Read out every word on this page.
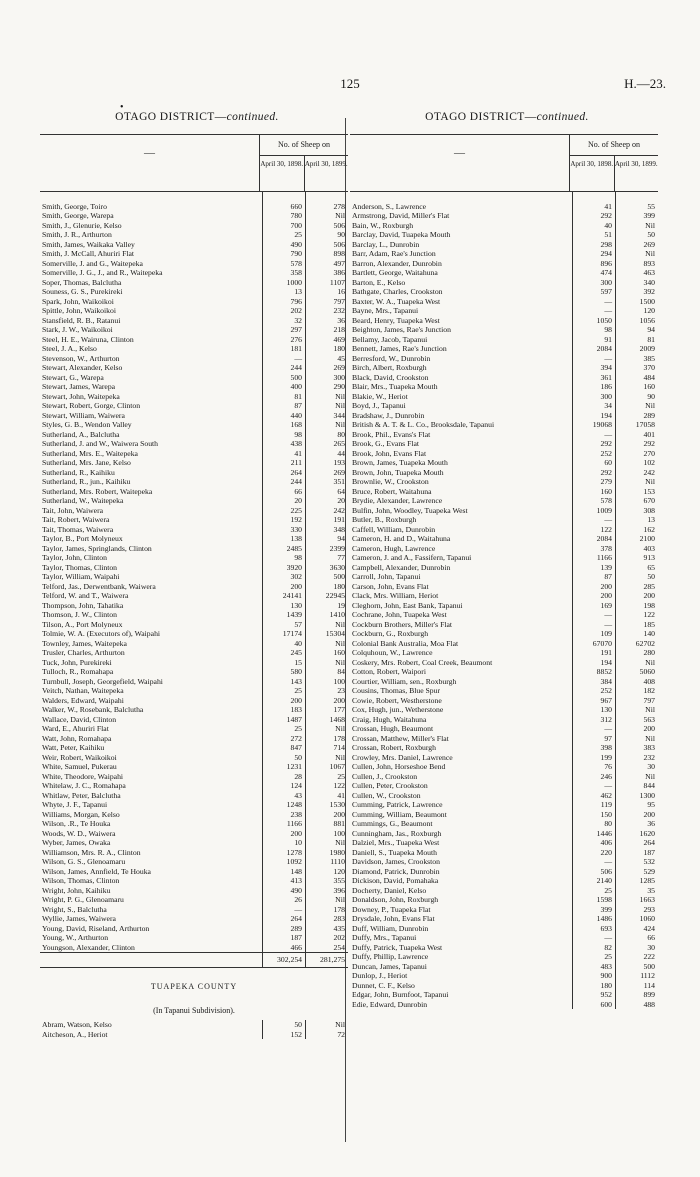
125	H.—23.
•
OTAGO DISTRICT—continued.
—
No. of Sheep on
April 30, 1898. April 30, 1899.
Smith, George, Toiro	660	278
Smith, George, Warepa	780	Nil
Smith, J., Glenurie, Kelso	700	506
Smith, J. R., Arthurton	25	90
Smith, James, Waikaka Valley	490	506
Smith, J. McCall, Ahuriri Flat	790	898
Somerville, J. and G., Waitepeka	578	497
Somerville, J. G., J., and R., Waitepeka	358	386
Soper, Thomas, Balclutha	1000	1107
Souness, G. S., Purekireki	13	16
Spark, John, Waikoikoi	796	797
Spittle, John, Waikoikoi	202	232
Stansfield, R. B., Ratanui	32	36
Stark, J. W., Waikoikoi	297	218
Steel, H. E., Wairuna, Clinton	276	469
Steel, J. A., Kelso	181	180
Stevenson, W., Arthurton	—	45
Stewart, Alexander, Kelso	244	269
Stewart, G., Warepa	500	300
Stewart, James, Warepa	400	290
Stewart, John, Waitepeka	81	Nil
Stewart, Robert, Gorge, Clinton	87	Nil
Stewart, William, Waiwera	440	344
Styles, G. B., Wendon Valley	168	Nil
Sutherland, A., Balclutha	98	80
Sutherland, J. and W., Waiwera South	438	265
Sutherland, Mrs. E., Waitepeka	41	44
Sutherland, Mrs. Jane, Kelso	211	193
Sutherland, R., Kaihiku	264	269
Sutherland, R., jun., Kaihiku	244	351
Sutherland, Mrs. Robert, Waitepeka	66	64
Sutherland, W., Waitepeka	20	20
Tait, John, Waiwera	225	242
Tait, Robert, Waiwera	192	191
Tait, Thomas, Waiwera	330	348
Taylor, B., Port Molyneux	138	94
Taylor, James, Springlands, Clinton	2485	2399
Taylor, John, Clinton	98	77
Taylor, Thomas, Clinton	3920	3630
Taylor, William, Waipahi	302	500
Telford, Jas., Derwentbank, Waiwera	200	180
Telford, W. and T., Waiwera	24141	22945
Thompson, John, Tahatika	130	19
Thomson, J. W., Clinton	1439	1410
Tilson, A., Port Molyneux	57	Nil
Tolmie, W. A. (Executors of), Waipahi	17174	15304
Townley, James, Waitepeka	40	Nil
Trusler, Charles, Arthurton	245	160
Tuck, John, Purekireki	15	Nil
Tulloch, R., Romahapa	580	84
Turnbull, Joseph, Georgefield, Waipahi	143	100
Veitch, Nathan, Waitepeka	25	23
Walders, Edward, Waipahi	200	200
Walker, W., Rosebank, Balclutha	183	177
Wallace, David, Clinton	1487	1468
Ward, E., Ahuriri Flat	25	Nil
Watt, John, Romahapa	272	178
Watt, Peter, Kaihiku	847	714
Weir, Robert, Waikoikoi	50	Nil
White, Samuel, Pukerau	1231	1067
White, Theodore, Waipahi	28	25
Whitelaw, J. C., Romahapa	124	122
Whitlaw, Peter, Balclutha	43	41
Whyte, J. F., Tapanui	1248	1530
Williams, Morgan, Kelso	238	200
Wilson, .R., Te Houka	1166	881
Woods, W. D., Waiwera	200	100
Wyber, James, Owaka	10	Nil
Williamson, Mrs. R. A., Clinton	1278	1980
Wilson, G. S., Glenoamaru	1092	1110
Wilson, James, Annfield, Te Houka	148	120
Wilson, Thomas, Clinton	413	355
Wright, John, Kaihiku	490	396
Wright, P. G., Glenoamaru	26	Nil
Wright, S., Balclutha	—	178
Wyllie, James, Waiwera	264	283
Young, David, Riseland, Arthurton	289	435
Young, W., Arthurton	187	202
Youngson, Alexander, Clinton	466	254
302,254	281,275
TUAPEKA COUNTY
(In Tapanui Subdivision).
Abram, Watson, Kelso	50	Nil
Aitcheson, A., Heriot	152	72
OTAGO DISTRICT—continued.
—
No. of Sheep on
April 30, 1898. April 30, 1899.
Anderson, S., Lawrence	41	55
Armstrong, David, Miller's Flat	292	399
Bain, W., Roxburgh	40	Nil
Barclay, David, Tuapeka Mouth	51	50
Barclay, L., Dunrobin	298	269
Barr, Adam, Rae's Junction	294	Nil
Barron, Alexander, Dunrobin	896	893
Bartlett, George, Waitahuna	474	463
Barton, E., Kelso	300	340
Bathgate, Charles, Crookston	597	392
Baxter, W. A., Tuapeka West	—	1500
Bayne, Mrs., Tapanui	—	120
Beard, Henry, Tuapeka West	1050	1056
Beighton, James, Rae's Junction	98	94
Bellamy, Jacob, Tapanui	91	81
Bennett, James, Rae's Junction	2084	2009
Berresford, W., Dunrobin	—	385
Birch, Albert, Roxburgh	394	370
Black, David, Crookston	361	484
Blair, Mrs., Tuapeka Mouth	186	160
Blakie, W., Heriot	300	90
Boyd, J., Tapanui	34	Nil
Bradshaw, J., Dunrobin	194	289
British & A. T. & L. Co., Brooksdale, Tapanui	19068	17058
Brook, Phil., Evans's Flat	—	401
Brook, G., Evans Flat	292	292
Brook, John, Evans Flat	252	270
Brown, James, Tuapeka Mouth	60	102
Brown, John, Tuapeka Mouth	292	242
Brownlie, W., Crookston	279	Nil
Bruce, Robert, Waitahuna	160	153
Brydie, Alexander, Lawrence	578	670
Bulfin, John, Woodley, Tuapeka West	1009	308
Butler, B., Roxburgh	—	13
Caffell, William, Dunrobin	122	162
Cameron, H. and D., Waitahuna	2084	2100
Cameron, Hugh, Lawrence	378	403
Cameron, J. and A., Fassifern, Tapanui	1166	913
Campbell, Alexander, Dunrobin	139	65
Carroll, John, Tapanui	87	50
Carson, John, Evans Flat	200	285
Clack, Mrs. William, Heriot	200	200
Cleghorn, John, East Bank, Tapanui	169	198
Cochrane, John, Tuapeka West	—	122
Cockburn Brothers, Miller's Flat	—	185
Cockburn, G., Roxburgh	109	140
Colonial Bank Australia, Moa Flat	67070	62702
Colquhoun, W., Lawrence	191	280
Coskery, Mrs. Robert, Coal Creek, Beaumont	194	Nil
Cotton, Robert, Waipori	8852	5060
Courtier, William, sen., Roxburgh	384	408
Cousins, Thomas, Blue Spur	252	182
Cowie, Robert, Westherstone	967	797
Cox, Hugh, jun., Wetherstone	130	Nil
Craig, Hugh, Waitahuna	312	563
Crossan, Hugh, Beaumont	—	200
Crossan, Matthew, Miller's Flat	97	Nil
Crossan, Robert, Roxburgh	398	383
Crowley, Mrs. Daniel, Lawrence	199	232
Cullen, John, Horseshoe Bend	76	30
Cullen, J., Crookston	246	Nil
Cullen, Peter, Crookston	—	844
Cullen, W., Crookston	462	1300
Cumming, Patrick, Lawrence	119	95
Cumming, William, Beaumont	150	200
Cummings, G., Beaumont	80	36
Cunningham, Jas., Roxburgh	1446	1620
Dalziel, Mrs., Tuapeka West	406	264
Daniell, S., Tuapeka Mouth	220	187
Davidson, James, Crookston	—	532
Diamond, Patrick, Dunrobin	506	529
Dickison, David, Pomahaka	2140	1285
Docherty, Daniel, Kelso	25	35
Donaldson, John, Roxburgh	1598	1663
Downey, P., Tuapeka Flat	399	293
Drysdale, John, Evans Flat	1486	1060
Duff, William, Dunrobin	693	424
Duffy, Mrs., Tapanui	—	66
Duffy, Patrick, Tuapeka West	82	30
Duffy, Phillip, Lawrence	25	222
Duncan, James, Tapanui	483	500
Dunlop, J., Heriot	900	1112
Dunnet, C. F., Kelso	180	114
Edgar, John, Burnfoot, Tapanui	952	899
Edie, Edward, Dunrobin	600	488
